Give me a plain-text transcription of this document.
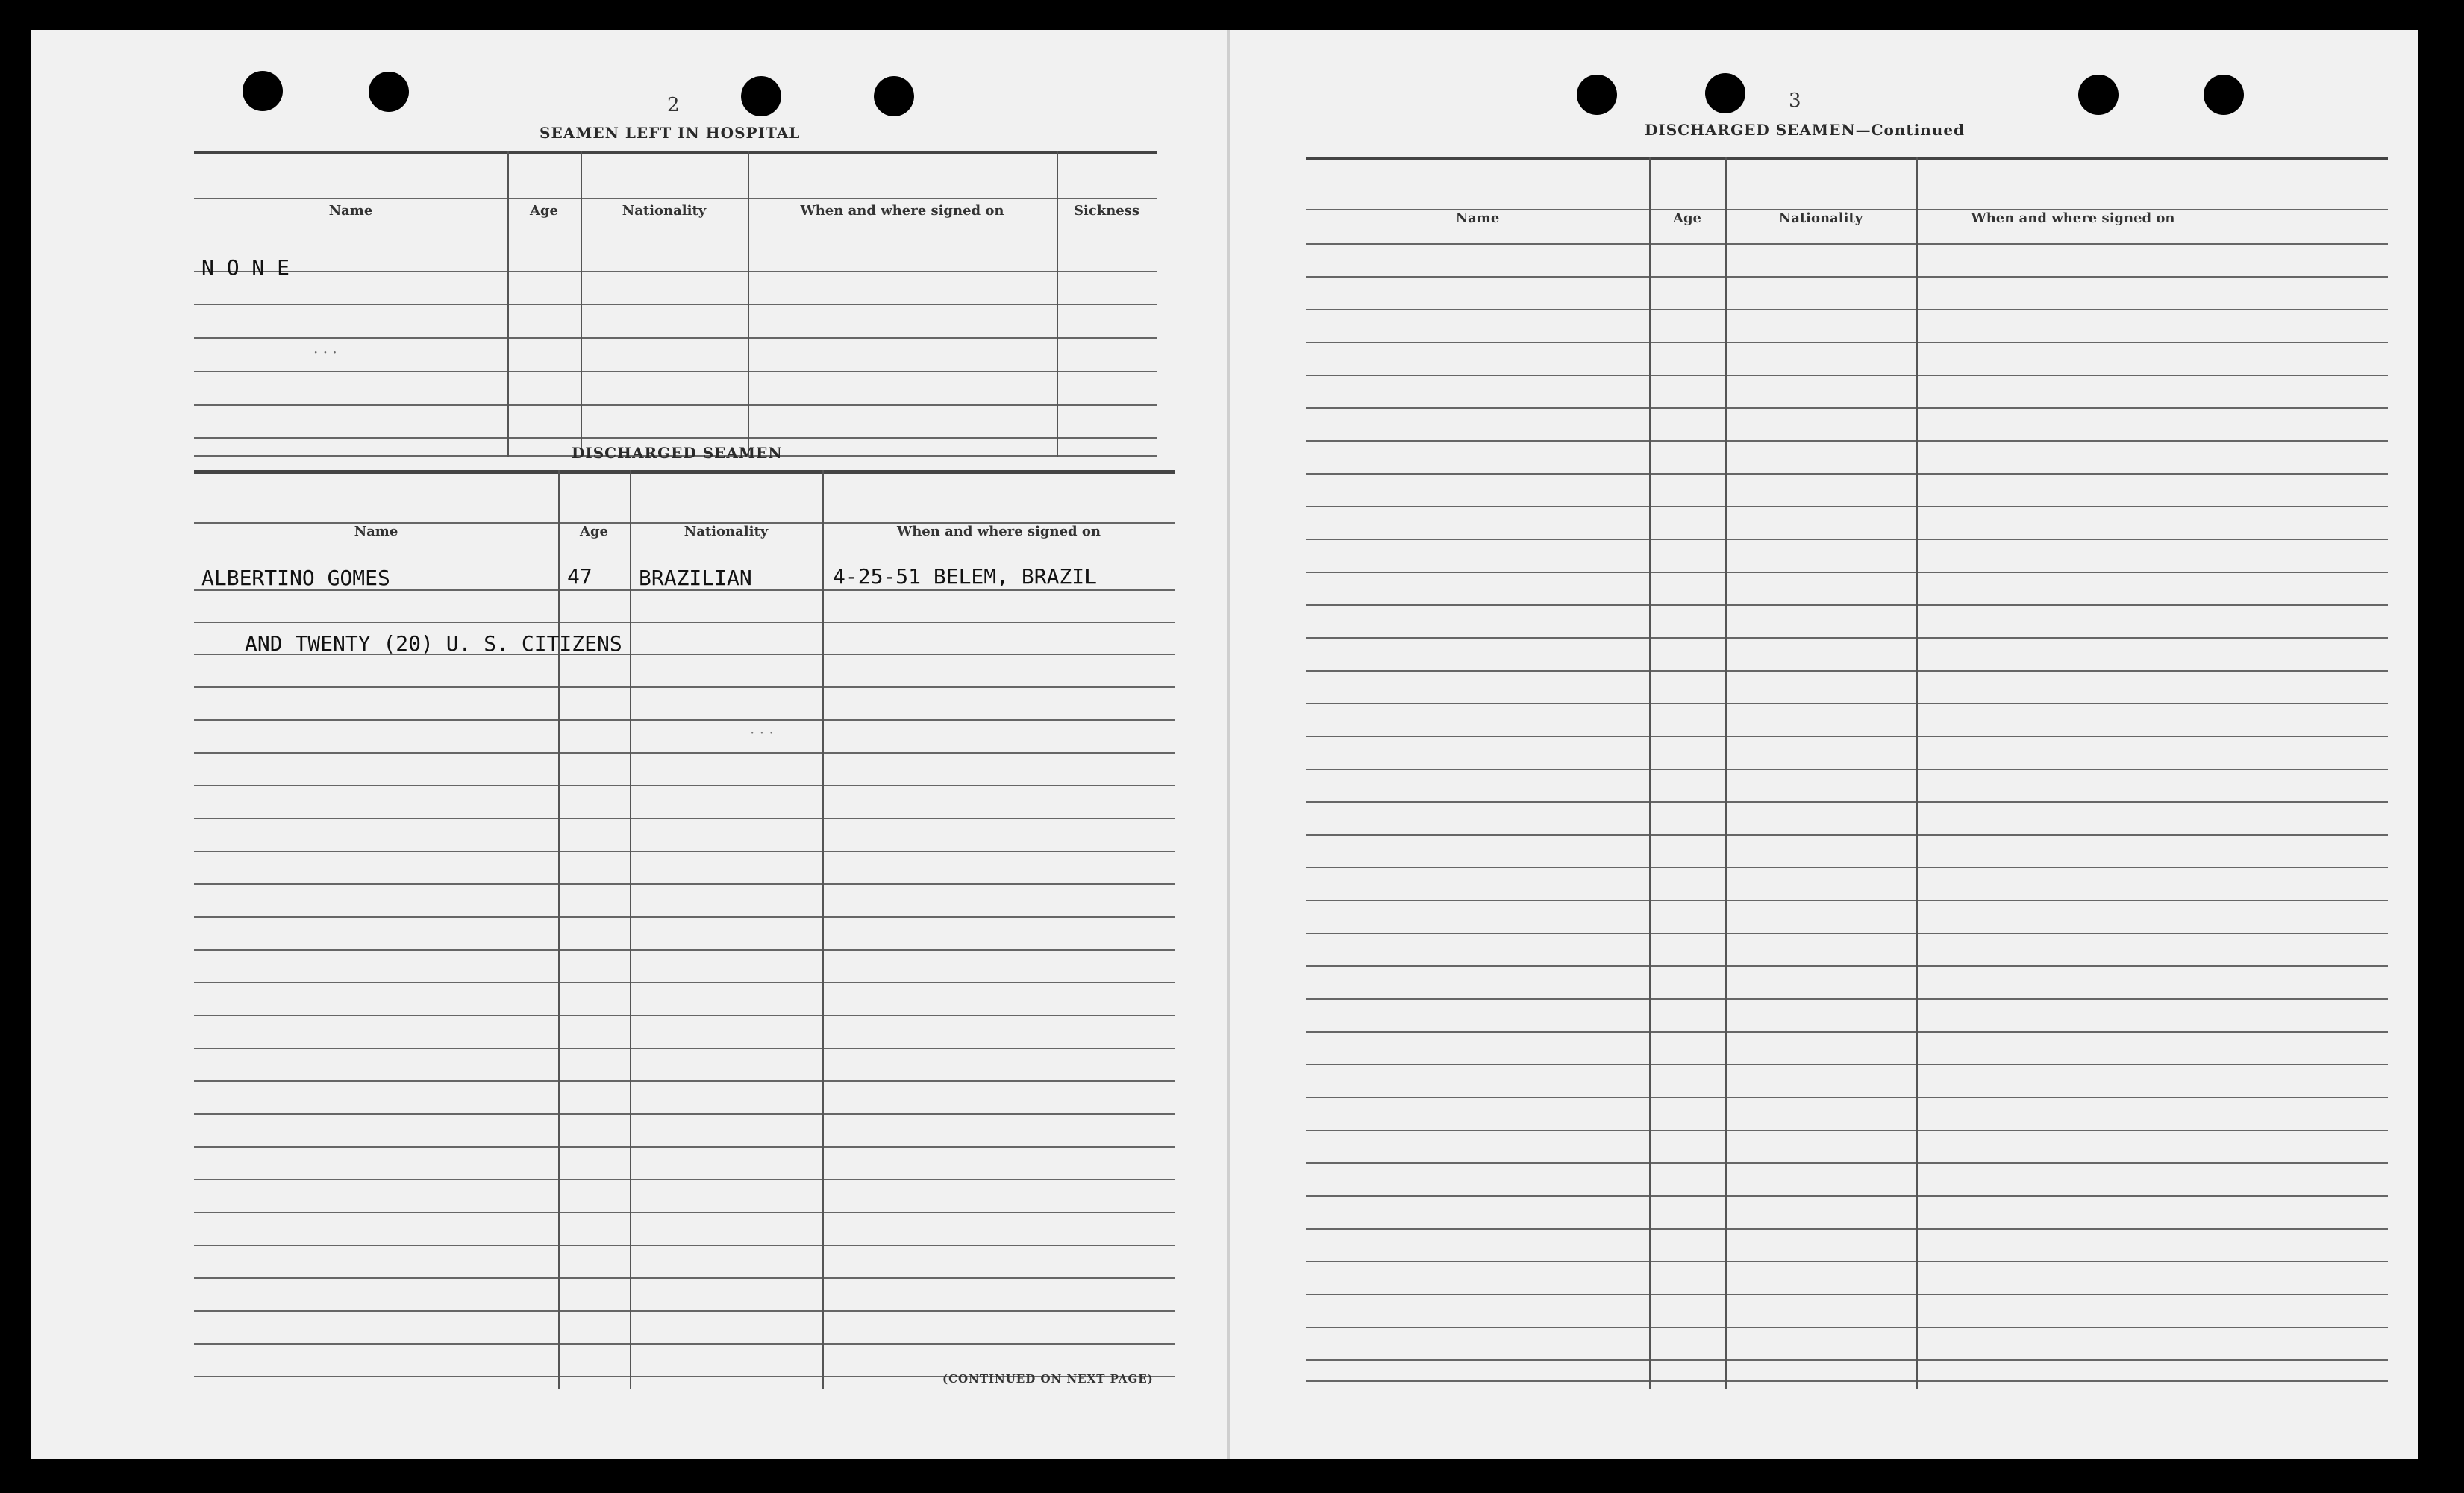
2
SEAMEN LEFT IN HOSPITAL
Name	Age	Nationality	When and where signed on	Sickness
N O N E
· · ·
DISCHARGED SEAMEN
Name	Age	Nationality	When and where signed on
ALBERTINO GOMES	47 BRAZILIAN	4-25-51 BELEM, BRAZIL
AND TWENTY (20) U. S. CITIZENS
· · ·
(CONTINUED ON NEXT PAGE)
3
DISCHARGED SEAMEN—Continued
Name	Age	Nationality	When and where signed on
